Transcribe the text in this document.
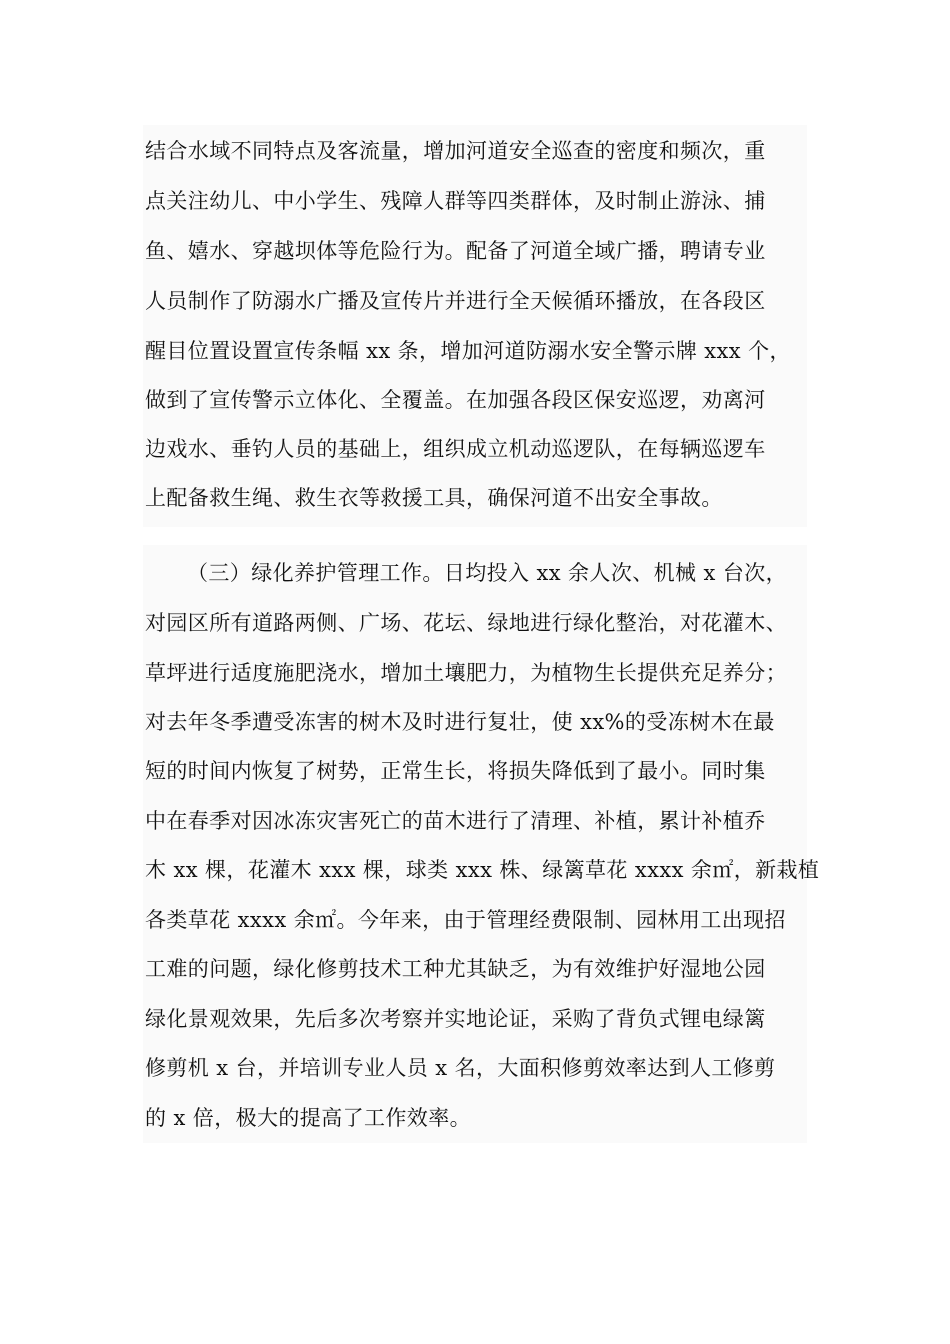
结合水域不同特点及客流量，增加河道安全巡查的密度和频次，重
点关注幼儿、中小学生、残障人群等四类群体，及时制止游泳、捕
鱼、嬉水、穿越坝体等危险行为。配备了河道全域广播，聘请专业
人员制作了防溺水广播及宣传片并进行全天候循环播放，在各段区
醒目位置设置宣传条幅 xx 条，增加河道防溺水安全警示牌 xxx 个，
做到了宣传警示立体化、全覆盖。在加强各段区保安巡逻，劝离河
边戏水、垂钓人员的基础上，组织成立机动巡逻队，在每辆巡逻车
上配备救生绳、救生衣等救援工具，确保河道不出安全事故。
（三）绿化养护管理工作。日均投入 xx 余人次、机械 x 台次，
对园区所有道路两侧、广场、花坛、绿地进行绿化整治，对花灌木、
草坪进行适度施肥浇水，增加土壤肥力，为植物生长提供充足养分；
对去年冬季遭受冻害的树木及时进行复壮，使 xx%的受冻树木在最
短的时间内恢复了树势，正常生长，将损失降低到了最小。同时集
中在春季对因冰冻灾害死亡的苗木进行了清理、补植，累计补植乔
木 xx 棵，花灌木 xxx 棵，球类 xxx 株、绿篱草花 xxxx 余㎡，新栽植
各类草花 xxxx 余㎡。今年来，由于管理经费限制、园林用工出现招
工难的问题，绿化修剪技术工种尤其缺乏，为有效维护好湿地公园
绿化景观效果，先后多次考察并实地论证，采购了背负式锂电绿篱
修剪机 x 台，并培训专业人员 x 名，大面积修剪效率达到人工修剪
的 x 倍，极大的提高了工作效率。
